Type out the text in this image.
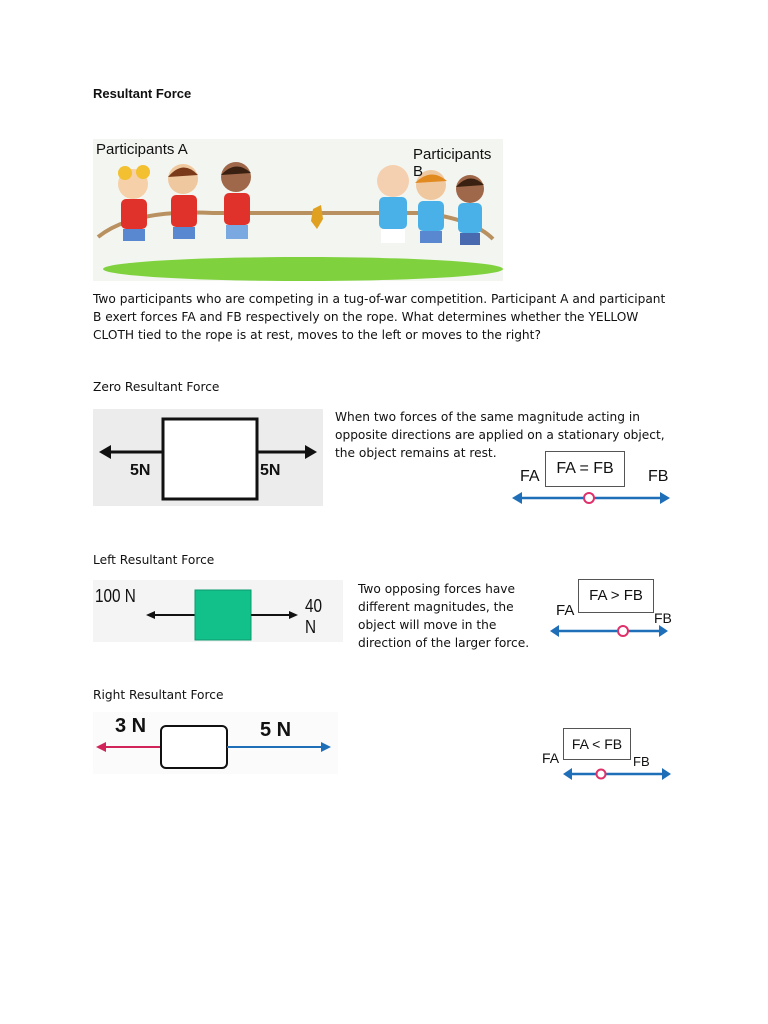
Resultant Force
Participants A	Participants B
Two participants who are competing in a tug-of-war competition. Participant A and participant B exert forces FA and FB respectively on the rope. What determines whether the YELLOW CLOTH tied to the rope is at rest, moves to the left or moves to the right?
Zero Resultant Force
5N	5N
When two forces of the same magnitude acting in opposite directions are applied on a stationary object, the object remains at rest.
FA = FB
FA	FB
Left Resultant Force
100 N	40 N
Two opposing forces have different magnitudes, the object will move in the direction of the larger force.
FA > FB
FA	FB
Right Resultant Force
3 N	5 N
FA < FB
FA	FB
